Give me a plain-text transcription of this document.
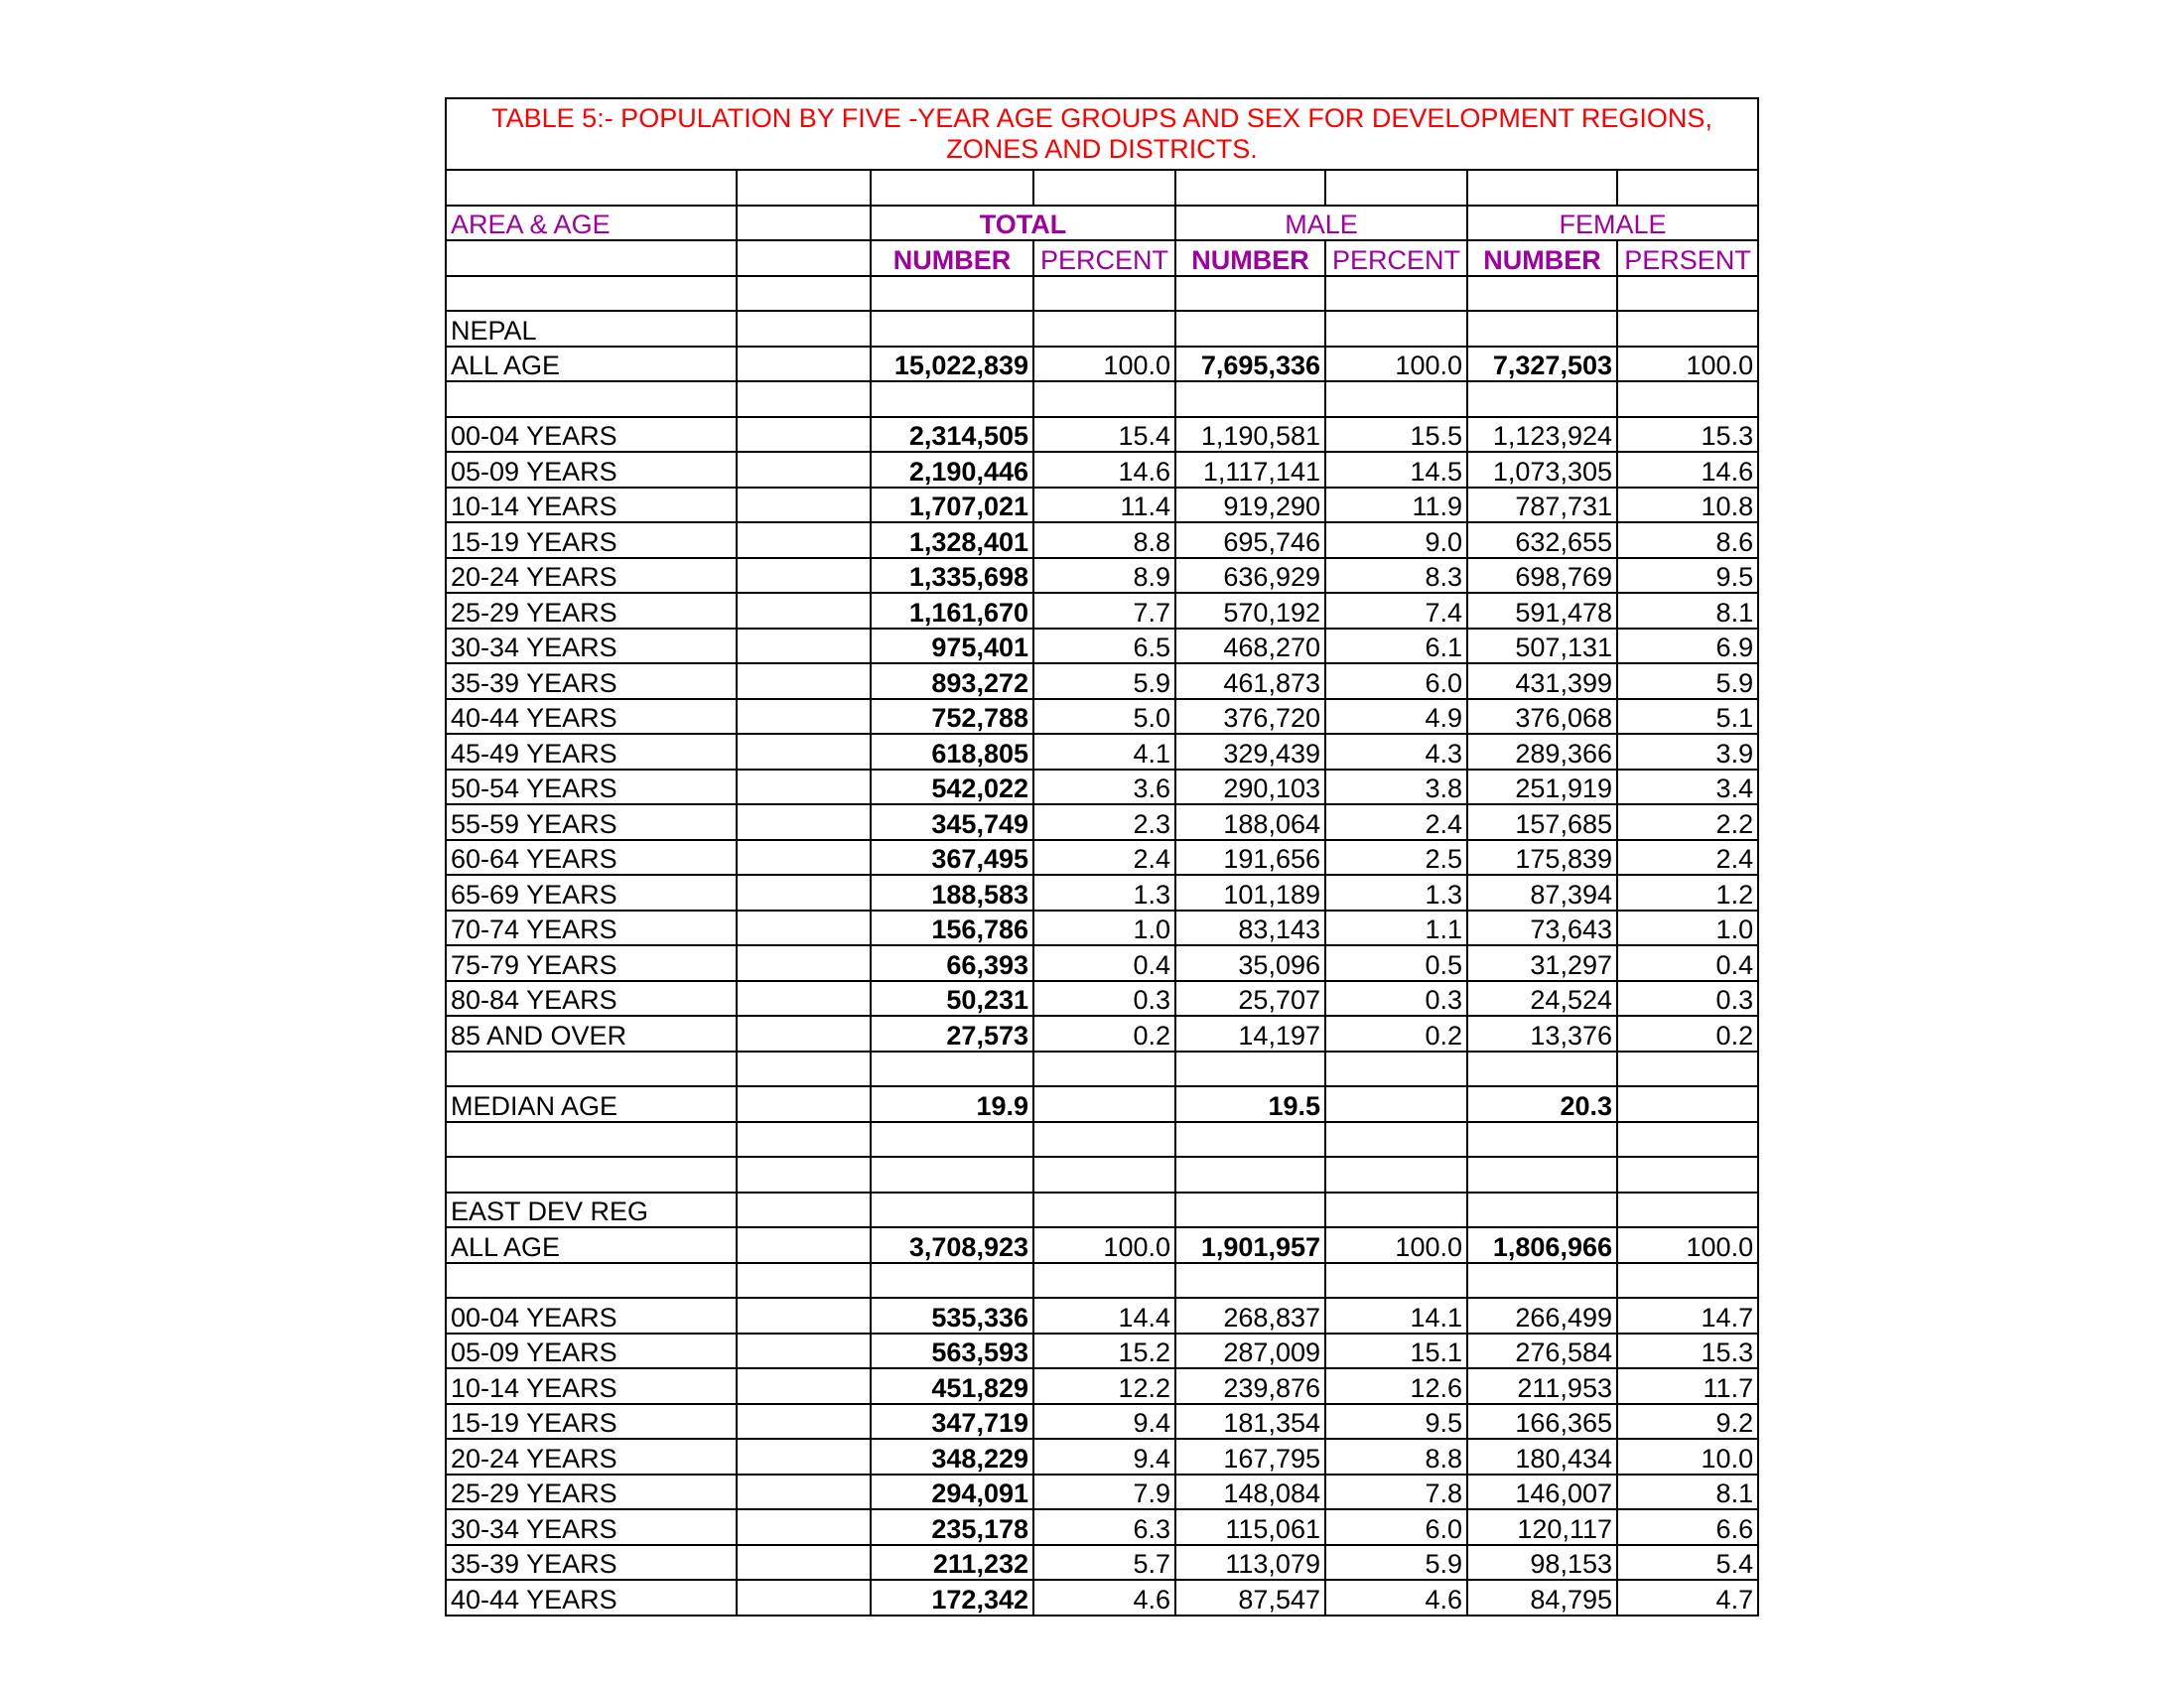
TABLE 5:- POPULATION BY FIVE -YEAR AGE GROUPS AND SEX FOR DEVELOPMENT REGIONS, ZONES AND DISTRICTS.							

AREA & AGE		TOTAL		MALE		FEMALE	
		NUMBER	PERCENT	NUMBER	PERCENT	NUMBER	PERSENT

NEPAL							
ALL AGE		15,022,839	100.0	7,695,336	100.0	7,327,503	100.0

00-04 YEARS		2,314,505	15.4	1,190,581	15.5	1,123,924	15.3
05-09 YEARS		2,190,446	14.6	1,117,141	14.5	1,073,305	14.6
10-14 YEARS		1,707,021	11.4	919,290	11.9	787,731	10.8
15-19 YEARS		1,328,401	8.8	695,746	9.0	632,655	8.6
20-24 YEARS		1,335,698	8.9	636,929	8.3	698,769	9.5
25-29 YEARS		1,161,670	7.7	570,192	7.4	591,478	8.1
30-34 YEARS		975,401	6.5	468,270	6.1	507,131	6.9
35-39 YEARS		893,272	5.9	461,873	6.0	431,399	5.9
40-44 YEARS		752,788	5.0	376,720	4.9	376,068	5.1
45-49 YEARS		618,805	4.1	329,439	4.3	289,366	3.9
50-54 YEARS		542,022	3.6	290,103	3.8	251,919	3.4
55-59 YEARS		345,749	2.3	188,064	2.4	157,685	2.2
60-64 YEARS		367,495	2.4	191,656	2.5	175,839	2.4
65-69 YEARS		188,583	1.3	101,189	1.3	87,394	1.2
70-74 YEARS		156,786	1.0	83,143	1.1	73,643	1.0
75-79 YEARS		66,393	0.4	35,096	0.5	31,297	0.4
80-84 YEARS		50,231	0.3	25,707	0.3	24,524	0.3
85 AND OVER		27,573	0.2	14,197	0.2	13,376	0.2

MEDIAN AGE		19.9		19.5		20.3	

EAST DEV REG							
ALL AGE		3,708,923	100.0	1,901,957	100.0	1,806,966	100.0

00-04 YEARS		535,336	14.4	268,837	14.1	266,499	14.7
05-09 YEARS		563,593	15.2	287,009	15.1	276,584	15.3
10-14 YEARS		451,829	12.2	239,876	12.6	211,953	11.7
15-19 YEARS		347,719	9.4	181,354	9.5	166,365	9.2
20-24 YEARS		348,229	9.4	167,795	8.8	180,434	10.0
25-29 YEARS		294,091	7.9	148,084	7.8	146,007	8.1
30-34 YEARS		235,178	6.3	115,061	6.0	120,117	6.6
35-39 YEARS		211,232	5.7	113,079	5.9	98,153	5.4
40-44 YEARS		172,342	4.6	87,547	4.6	84,795	4.7
